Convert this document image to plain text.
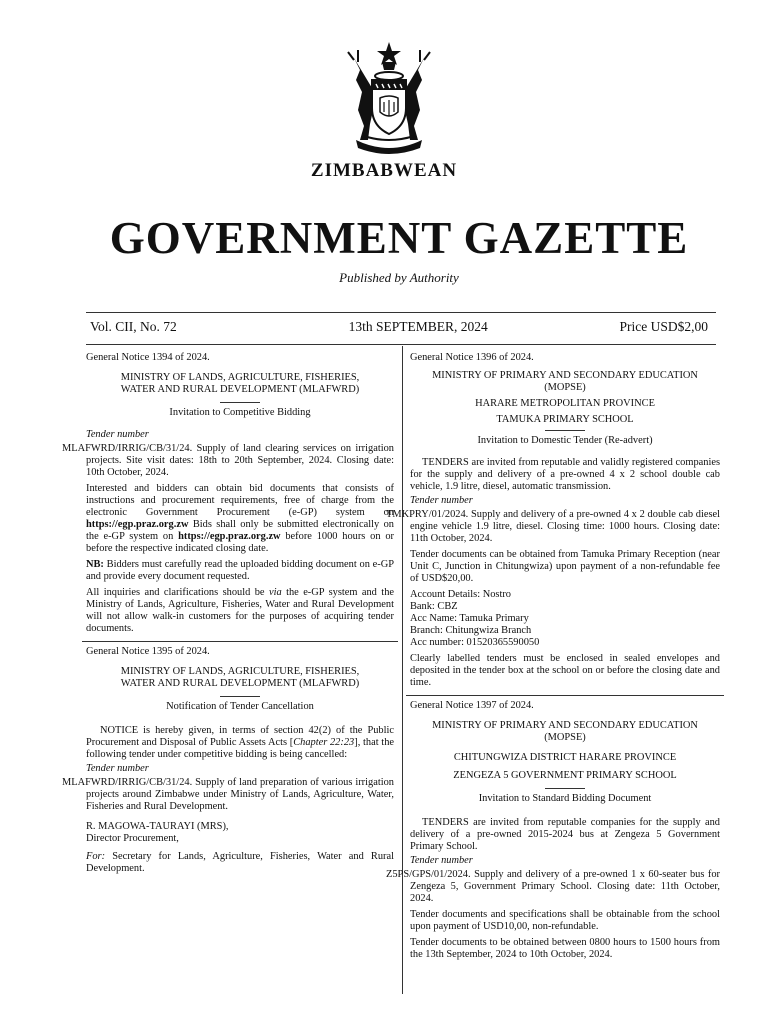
ZIMBABWEAN
GOVERNMENT GAZETTE
Published by Authority
Vol. CII, No. 72	13th SEPTEMBER, 2024	Price USD$2,00

General Notice 1394 of 2024.

MINISTRY OF LANDS, AGRICULTURE, FISHERIES,

WATER AND RURAL DEVELOPMENT (MLAFWRD)

Invitation to Competitive Bidding

Tender number

MLAFWRD/IRRIG/CB/31/24. Supply of land clearing services on irrigation projects. Site visit dates: 18th to 20th September, 2024. Closing date: 10th October, 2024.

Interested and bidders can obtain bid documents that consists of instructions and procurement requirements, free of charge from the electronic Government Procurement (e-GP) system on https://egp.praz.org.zw Bids shall only be submitted electronically on the e-GP system on https://egp.praz.org.zw before 1000 hours on or before the respective indicated closing date.

NB: Bidders must carefully read the uploaded bidding document on e-GP and provide every document requested.

All inquiries and clarifications should be via the e-GP system and the Ministry of Lands, Agriculture, Fisheries, Water and Rural Development will not allow walk-in customers for the purposes of acquiring tender documents.

General Notice 1395 of 2024.

MINISTRY OF LANDS, AGRICULTURE, FISHERIES,

WATER AND RURAL DEVELOPMENT (MLAFWRD)

Notification of Tender Cancellation

NOTICE is hereby given, in terms of section 42(2) of the Public Procurement and Disposal of Public Assets Acts [Chapter 22:23], that the following tender under competitive bidding is being cancelled:

Tender number

MLAFWRD/IRRIG/CB/31/24. Supply of land preparation of various irrigation projects around Zimbabwe under Ministry of Lands, Agriculture, Water, Fisheries and Rural Development.

R. MAGOWA-TAURAYI (MRS),

Director Procurement,

For: Secretary for Lands, Agriculture, Fisheries, Water and Rural Development.

General Notice 1396 of 2024.

MINISTRY OF PRIMARY AND SECONDARY EDUCATION

(MOPSE)

HARARE METROPOLITAN PROVINCE

TAMUKA PRIMARY SCHOOL

Invitation to Domestic Tender (Re-advert)

TENDERS are invited from reputable and validly registered companies for the supply and delivery of a pre-owned 4 x 2 school double cab vehicle, 1.9 litre, diesel, automatic transmission.

Tender number

TMKPRY/01/2024. Supply and delivery of a pre-owned 4 x 2 double cab diesel engine vehicle 1.9 litre, diesel. Closing time: 1000 hours. Closing date: 11th October, 2024.

Tender documents can be obtained from Tamuka Primary Reception (near Unit C, Junction in Chitungwiza) upon payment of a non-refundable fee of USD$20,00.

Account Details: Nostro

Bank: CBZ

Acc Name: Tamuka Primary

Branch: Chitungwiza Branch

Acc number: 01520365590050

Clearly labelled tenders must be enclosed in sealed envelopes and deposited in the tender box at the school on or before the closing date and time.

General Notice 1397 of 2024.

MINISTRY OF PRIMARY AND SECONDARY EDUCATION

(MOPSE)

CHITUNGWIZA DISTRICT HARARE PROVINCE

ZENGEZA 5 GOVERNMENT PRIMARY SCHOOL

Invitation to Standard Bidding Document

TENDERS are invited from reputable companies for the supply and delivery of a pre-owned 2015-2024 bus at Zengeza 5 Government Primary School.

Tender number

Z5PS/GPS/01/2024. Supply and delivery of a pre-owned 1 x 60-seater bus for Zengeza 5, Government Primary School. Closing date: 11th October, 2024.

Tender documents and specifications shall be obtainable from the school upon payment of USD10,00, non-refundable.

Tender documents to be obtained between 0800 hours to 1500 hours from the 13th September, 2024 to 10th October, 2024.
